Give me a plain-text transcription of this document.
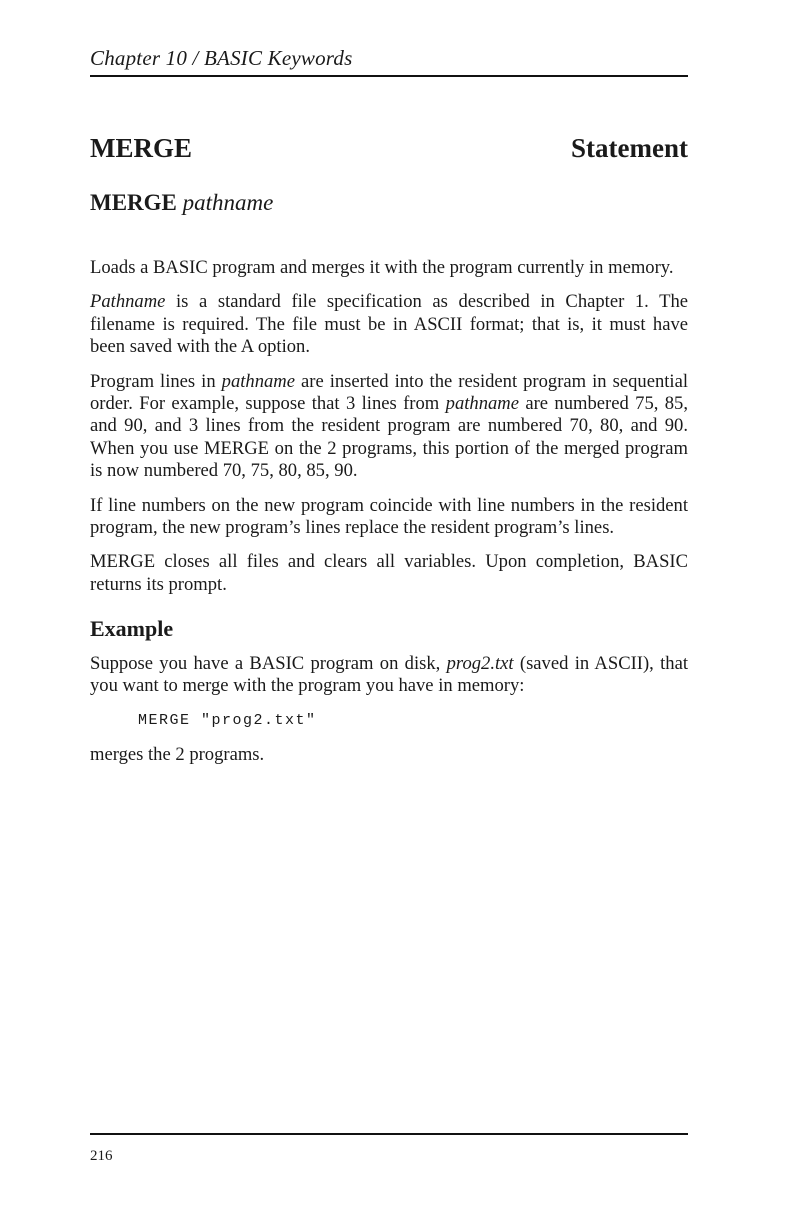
Chapter 10 / BASIC Keywords
MERGE	Statement
MERGE pathname

Loads a BASIC program and merges it with the program currently in memory.

Pathname is a standard file specification as described in Chapter 1. The filename is required. The file must be in ASCII format; that is, it must have been saved with the A option.

Program lines in pathname are inserted into the resident program in sequential order. For example, suppose that 3 lines from pathname are numbered 75, 85, and 90, and 3 lines from the resident program are numbered 70, 80, and 90. When you use MERGE on the 2 programs, this portion of the merged program is now numbered 70, 75, 80, 85, 90.

If line numbers on the new program coincide with line numbers in the resident program, the new program’s lines replace the resident program’s lines.

MERGE closes all files and clears all variables. Upon completion, BASIC returns its prompt.

Example

Suppose you have a BASIC program on disk, prog2.txt (saved in ASCII), that you want to merge with the program you have in memory:

MERGE "prog2.txt"

merges the 2 programs.

216
